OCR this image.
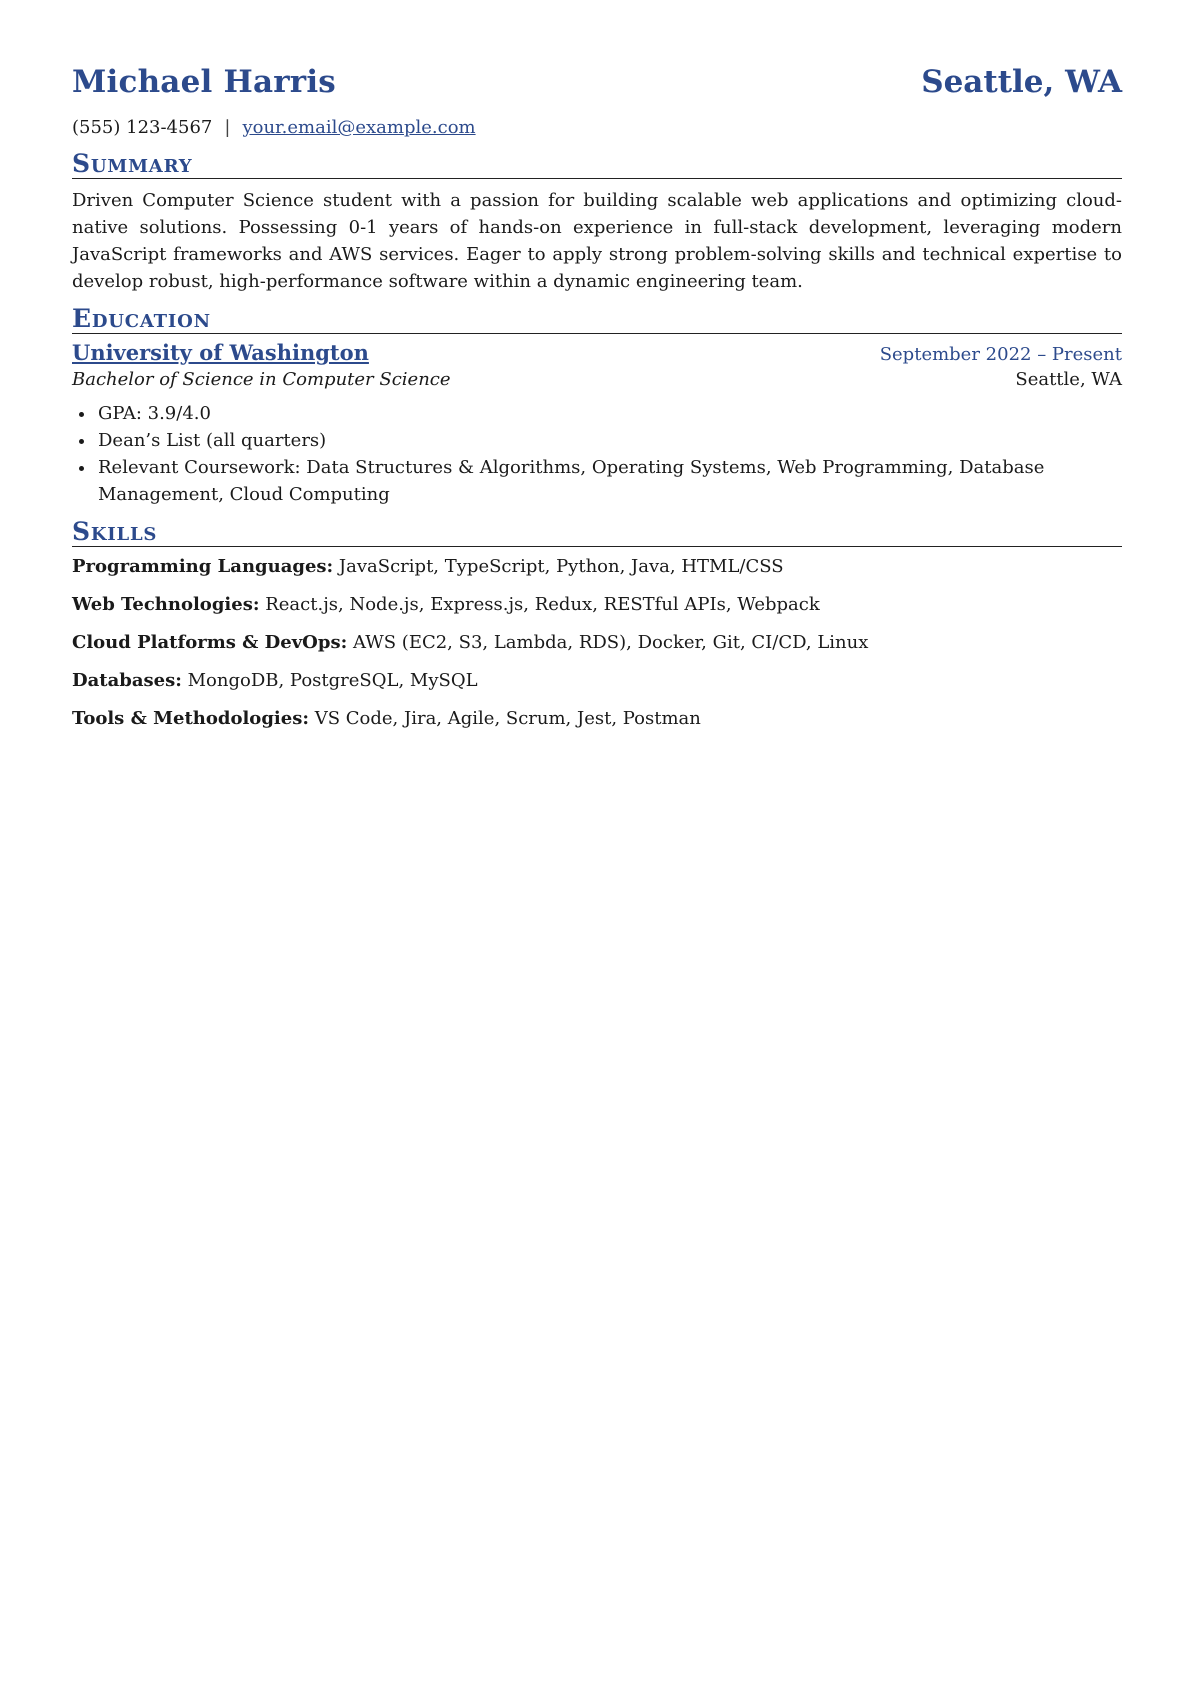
Michael Harris	Seattle, WA
(555) 123-4567 | your.email@example.com
Summary

Driven Computer Science student with a passion for building scalable web applications and optimizing cloud-native solutions. Possessing 0-1 years of hands-on experience in full-stack development, leveraging modern JavaScript frameworks and AWS services. Eager to apply strong problem-solving skills and technical expertise to develop robust, high-performance software within a dynamic engineering team.

Education
University of Washington	September 2022 – Present
Bachelor of Science in Computer Science	Seattle, WA
• GPA: 3.9/4.0
• Dean’s List (all quarters)
• Relevant Coursework: Data Structures & Algorithms, Operating Systems, Web Programming, Database Management, Cloud Computing
Skills
Programming Languages: JavaScript, TypeScript, Python, Java, HTML/CSS
Web Technologies: React.js, Node.js, Express.js, Redux, RESTful APIs, Webpack
Cloud Platforms & DevOps: AWS (EC2, S3, Lambda, RDS), Docker, Git, CI/CD, Linux
Databases: MongoDB, PostgreSQL, MySQL
Tools & Methodologies: VS Code, Jira, Agile, Scrum, Jest, Postman
